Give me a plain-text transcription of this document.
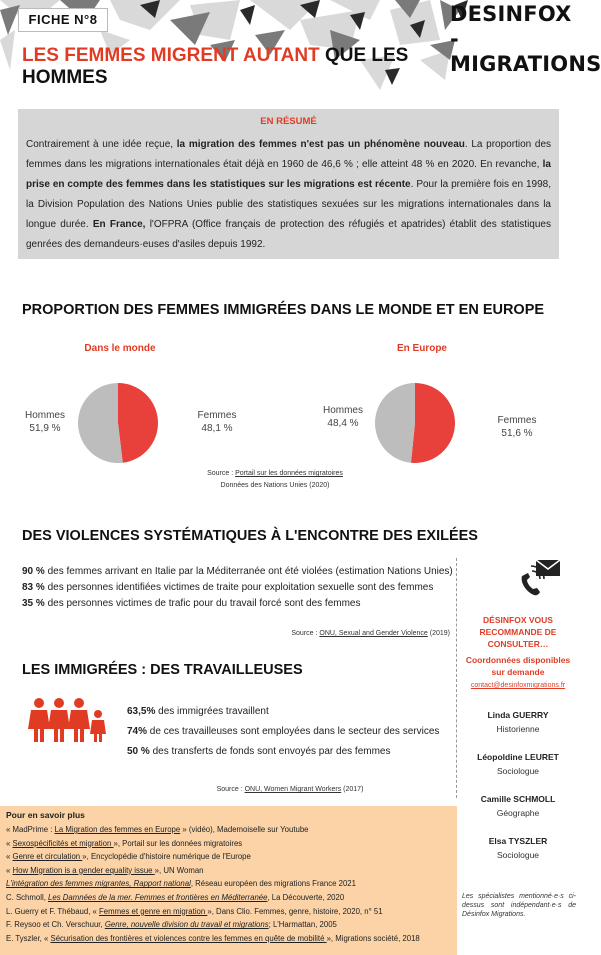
FICHE N°8	DESINFOX -
MIGRATIONS
LES FEMMES MIGRENT AUTANT QUE LES
HOMMES
EN RÉSUMÉ
Contrairement à une idée reçue, la migration des femmes n'est pas un phénomène nouveau. La proportion des femmes dans les migrations internationales était déjà en 1960 de 46,6 % ; elle atteint 48 % en 2020. En revanche, la prise en compte des femmes dans les statistiques sur les migrations est récente. Pour la première fois en 1998, la Division Population des Nations Unies publie des statistiques sexuées sur les migrations internationales dans la longue durée. En France, l'OFPRA (Office français de protection des réfugiés et apatrides) établit des statistiques genrées des demandeurs·euses d'asiles depuis 1992.
PROPORTION DES FEMMES IMMIGRÉES DANS LE MONDE ET EN EUROPE
Dans le monde	En Europe
Hommes
51,9 %
Femmes
48,1 %
Hommes
48,4 %	Femmes
51,6 %
Source : Portail sur les données migratoires
Données des Nations Unies (2020)
DES VIOLENCES SYSTÉMATIQUES À L'ENCONTRE DES EXILÉES
90 % des femmes arrivant en Italie par la Méditerranée ont été violées (estimation Nations Unies)
83 % des personnes identifiées victimes de traite pour exploitation sexuelle sont des femmes
35 % des personnes victimes de trafic pour du travail forcé sont des femmes
Source : ONU, Sexual and Gender Violence (2019)
LES IMMIGRÉES : DES TRAVAILLEUSES
63,5% des immigrées travaillent
74% de ces travailleuses sont employées dans le secteur des services
50 % des transferts de fonds sont envoyés par des femmes
Source : ONU, Women Migrant Workers (2017)
DÉSINFOX VOUS RECOMMANDE DE CONSULTER…
Coordonnées disponibles sur demande
contact@desinfoxmigrations.fr
Linda GUERRY
Historienne
Léopoldine LEURET
Sociologue
Camille SCHMOLL
Géographe
Elsa TYSZLER
Sociologue
Les spécialistes mentionné·e·s ci-dessus sont indépendant·e·s de Désinfox Migrations.
Pour en savoir plus
« MadPrime : La Migration des femmes en Europe » (vidéo), Mademoiselle sur Youtube
« Sexospécificités et migration », Portail sur les données migratoires
« Genre et circulation », Encyclopédie d'histoire numérique de l'Europe
« How Migration is a gender equality issue », UN Woman
L'intégration des femmes migrantes, Rapport national, Réseau européen des migrations France 2021
C. Schmoll, Les Damnées de la mer. Femmes et frontières en Méditerranée, La Découverte, 2020
L. Guerry et F. Thébaud, « Femmes et genre en migration », Dans Clio. Femmes, genre, histoire, 2020, n° 51
F. Reysoo et Ch. Verschuur, Genre, nouvelle division du travail et migrations; L'Harmattan, 2005
E. Tyszler, « Sécurisation des frontières et violences contre les femmes en quête de mobilité », Migrations société, 2018
